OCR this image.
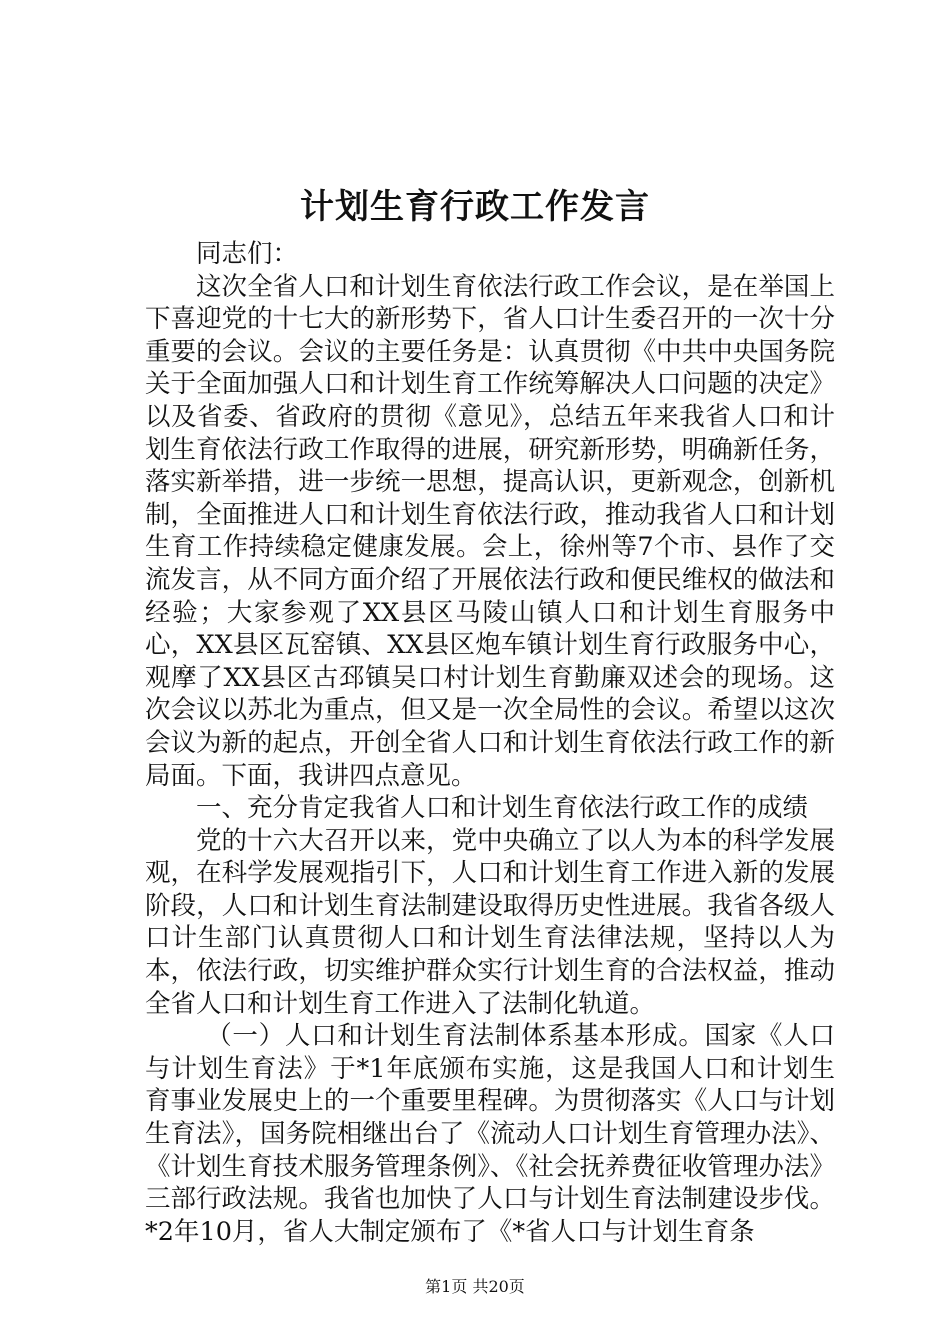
计划生育行政工作发言

同志们：

这次全省人口和计划生育依法行政工作会议，是在举国上下喜迎党的十七大的新形势下，省人口计生委召开的一次十分重要的会议。会议的主要任务是：认真贯彻《中共中央国务院关于全面加强人口和计划生育工作统筹解决人口问题的决定》以及省委、省政府的贯彻《意见》，总结五年来我省人口和计划生育依法行政工作取得的进展，研究新形势，明确新任务，落实新举措，进一步统一思想，提高认识，更新观念，创新机制，全面推进人口和计划生育依法行政，推动我省人口和计划生育工作持续稳定健康发展。会上，徐州等7个市、县作了交流发言，从不同方面介绍了开展依法行政和便民维权的做法和经验；大家参观了XX县区马陵山镇人口和计划生育服务中心，XX县区瓦窑镇、XX县区炮车镇计划生育行政服务中心，观摩了XX县区古邳镇吴口村计划生育勤廉双述会的现场。这次会议以苏北为重点，但又是一次全局性的会议。希望以这次会议为新的起点，开创全省人口和计划生育依法行政工作的新局面。下面，我讲四点意见。

一、充分肯定我省人口和计划生育依法行政工作的成绩

党的十六大召开以来，党中央确立了以人为本的科学发展观，在科学发展观指引下，人口和计划生育工作进入新的发展阶段，人口和计划生育法制建设取得历史性进展。我省各级人口计生部门认真贯彻人口和计划生育法律法规，坚持以人为本，依法行政，切实维护群众实行计划生育的合法权益，推动全省人口和计划生育工作进入了法制化轨道。

（一）人口和计划生育法制体系基本形成。国家《人口与计划生育法》于*1年底颁布实施，这是我国人口和计划生育事业发展史上的一个重要里程碑。为贯彻落实《人口与计划生育法》，国务院相继出台了《流动人口计划生育管理办法》、《计划生育技术服务管理条例》、《社会抚养费征收管理办法》三部行政法规。我省也加快了人口与计划生育法制建设步伐。*2年10月，省人大制定颁布了《*省人口与计划生育条

第1页 共20页
